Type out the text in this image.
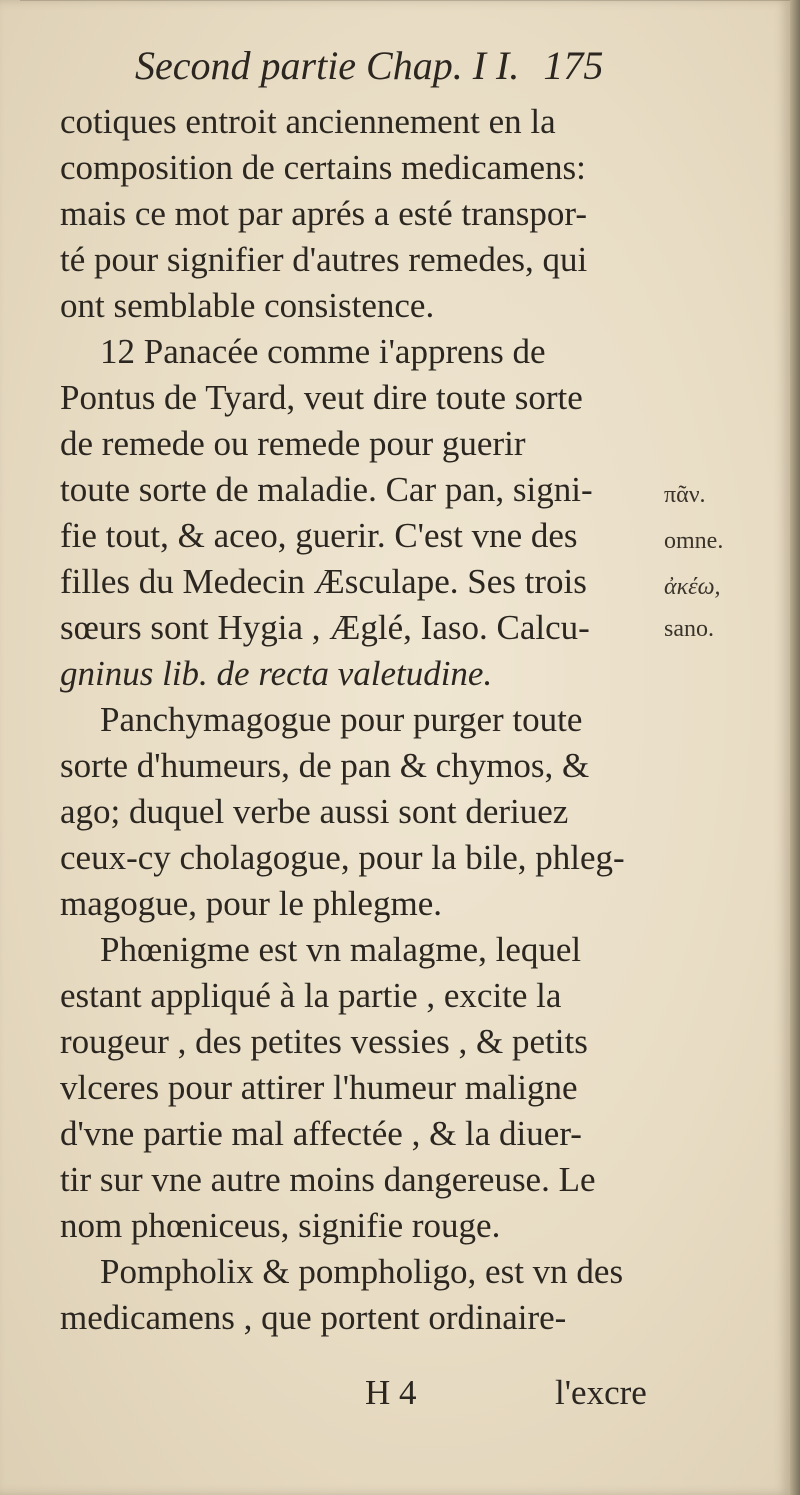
Second partie Chap. I I. 175
cotiques entroit anciennement en la
composition de certains medicamens:
mais ce mot par aprés a esté transpor-
té pour signifier d'autres remedes, qui
ont semblable consistence.
12 Panacée comme i'apprens de
Pontus de Tyard, veut dire toute sorte
de remede ou remede pour guerir
toute sorte de maladie. Car pan, signi-
fie tout, & aceo, guerir. C'est vne des
filles du Medecin Æsculape. Ses trois
sœurs sont Hygia , Æglé, Iaso. Calcu-
gninus lib. de recta valetudine.
Panchymagogue pour purger toute
sorte d'humeurs, de pan & chymos, &
ago; duquel verbe aussi sont deriuez
ceux-cy cholagogue, pour la bile, phleg-
magogue, pour le phlegme.
Phœnigme est vn malagme, lequel
estant appliqué à la partie , excite la
rougeur , des petites vessies , & petits
vlceres pour attirer l'humeur maligne
d'vne partie mal affectée , & la diuer-
tir sur vne autre moins dangereuse. Le
nom phœniceus, signifie rouge.
Pompholix & pompholigo, est vn des
medicamens , que portent ordinaire-
πᾶν.
omne.
ἀκέω,
sano.
H 4	l'excre
